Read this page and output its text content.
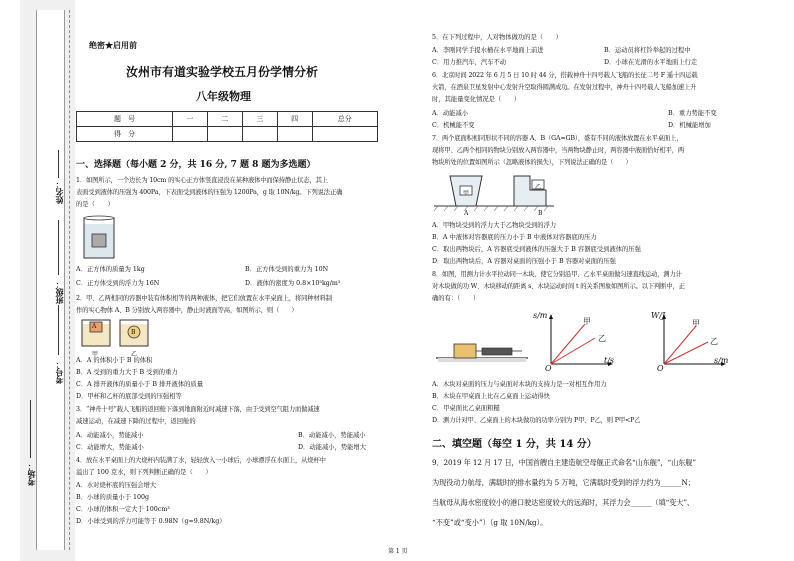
姓名：
班级：
考号：
考场：
绝密★启用前
汝州市有道实验学校五月份学情分析
八年级物理
题　号	一	二	三	四	总分
得　分					
一、选择题（每小题 2 分，共 16 分, 7 题 8 题为多选题）
1．如图所示，一个边长为 10cm 的实心正方体竖直浸没在某种液体中而保持静止状态，其上
表面受到液体的压强为 400Pa，下表面受到液体的压强为 1200Pa，g 取 10N/kg。下列说法正确
的是（　　）
A．正方体的质量为 1kg	B．正方体受到的重力为 10N
C．正方体受到的浮力为 16N	D．液体的密度为 0.8×10³kg/m³
2．甲、乙两相同的容器中装有体积相等的两种液体，把它们放置在水平桌面上，将同种材料制
作的实心物体 A、B 分别放入两容器中，静止时液面等高，如图所示，则（　　）
A
B
甲	乙
A．A 的体积小于 B 的体积
B．A 受到的重力大于 B 受到的重力
C．A 排开液体的质量小于 B 排开液体的质量
D．甲杯和乙杯的底部受到的压强相等
3．“神舟十号”载人飞船的返回舱下落到地面附近时减速下落，由于受到空气阻力而做减速
减速运动，在减速下降的过程中，返回舱的
A．动能减小，势能减小	B．动能减小，势能减小
C．动能增大，势能减小	D．动能减小，势能增大
4．放在水平桌面上的大烧杯内装满了水，轻轻放入一小球后，小球漂浮在水面上，从烧杯中
溢出了 100 克水，则下列判断正确的是（　　）
A．水对烧杯底的压强会增大
B．小球的质量小于 100g
C．小球的体积一定大于 100cm³
D．小球受到的浮力可能等于 0.98N（g=9.8N/kg）
5．在下列过程中，人对物体做功的是（　　）
A．李刚同学手提水桶在水平地面上前进	B．运动员将杠铃举起的过程中
C．用力推汽车，汽车不动	D．小球在光滑的水平地面上行走
6．北京时间 2022 年 6 月 5 日 10 时 44 分，搭载神舟十四号载人飞船的长征二号 F 遥十四运载
火箭，在酒泉卫星发射中心发射升空取得圆满成功。在发射过程中，神舟十四号载人飞船加速上升
时，其能量变化情况是（　　）
A．动能减小	B．重力势能不变
C．机械能不变	D．机械能增加
7．两个底面积相同形状不同的容器 A、B（GA=GB），盛有不同的液体放置在水平桌面上，
现将甲、乙两个相同的物块分别放入两容器中，当两物块静止时，两容器中液面恰好相平，两
物块所处的位置如图所示（忽略液体的损失），下列说法正确的是（　　）
甲
乙
A	B
A．甲物块受到的浮力大于乙物块受到的浮力
B．A 中液体对容器底的压力小于 B 中液体对容器底的压力
C．取出两物块后，A 容器底受到液体的压强大于 B 容器底受到液体的压强
D．取出两物块后，A 容器对桌面的压强小于 B 容器对桌面的压强
8．如图，用测力计水平拉动同一木块，使它分别沿甲、乙水平桌面做匀速直线运动，测力计
对木块做的功 W、木块移动的距离 s、木块运动时间 t 的关系图象如图所示。以下判断中，正
确的有：（　　）
s/m
t/s
O
甲
乙
W/J
s/m
O
甲
乙
A．木块对桌面的压力与桌面对木块的支持力是一对相互作用力
B．木块在甲桌面上比在乙桌面上运动得快
C．甲桌面比乙桌面粗糙
D．测力计对甲、乙桌面上的木块做功的功率分别为 P甲、P乙，则 P甲<P乙
二、填空题（每空 1 分，共 14 分）
9．2019 年 12 月 17 日，中国首艘自主建造航空母舰正式命名“山东舰”，“山东舰”
为现役动力航母，满载时的排水量约为 5 万吨，它满载时受到的浮力约为______N；
当航母从海水密度较小的港口驶达密度较大的远海时，其浮力会______（填“变大”、
“不变”或“变小”）（g 取 10N/kg）。
第 1 页
